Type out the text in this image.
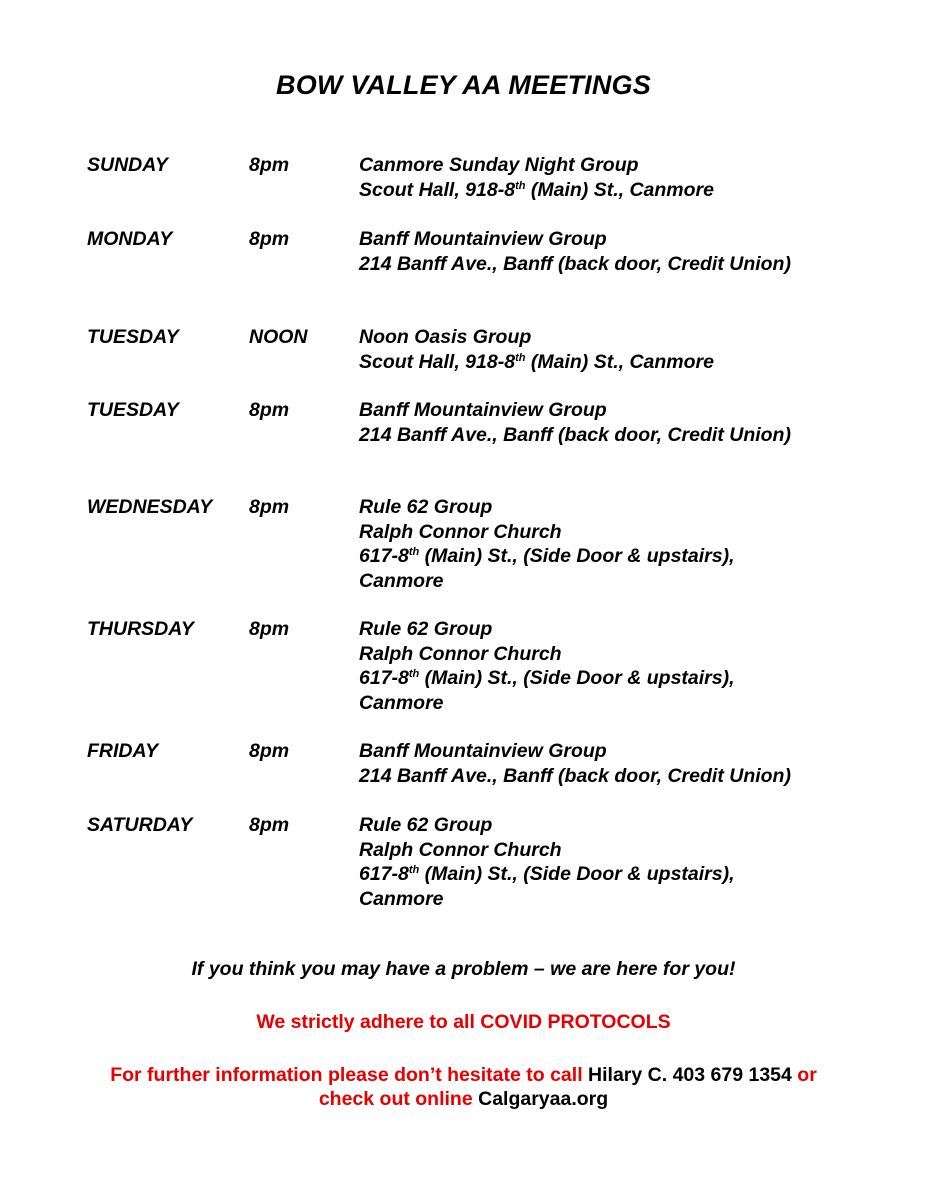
BOW VALLEY AA MEETINGS
SUNDAY	8pm	Canmore Sunday Night Group
Scout Hall, 918-8th (Main) St., Canmore
MONDAY	8pm	Banff Mountainview Group
214 Banff Ave., Banff (back door, Credit Union)
TUESDAY	NOON	Noon Oasis Group
Scout Hall, 918-8th (Main) St., Canmore
TUESDAY	8pm	Banff Mountainview Group
214 Banff Ave., Banff (back door, Credit Union)
WEDNESDAY 8pm	Rule 62 Group
Ralph Connor Church
617-8th (Main) St., (Side Door & upstairs),
Canmore
THURSDAY	8pm	Rule 62 Group
Ralph Connor Church
617-8th (Main) St., (Side Door & upstairs),
Canmore
FRIDAY	8pm	Banff Mountainview Group
214 Banff Ave., Banff (back door, Credit Union)
SATURDAY	8pm	Rule 62 Group
Ralph Connor Church
617-8th (Main) St., (Side Door & upstairs),
Canmore
If you think you may have a problem – we are here for you!
We strictly adhere to all COVID PROTOCOLS
For further information please don’t hesitate to call Hilary C. 403 679 1354 or
check out online Calgaryaa.org
